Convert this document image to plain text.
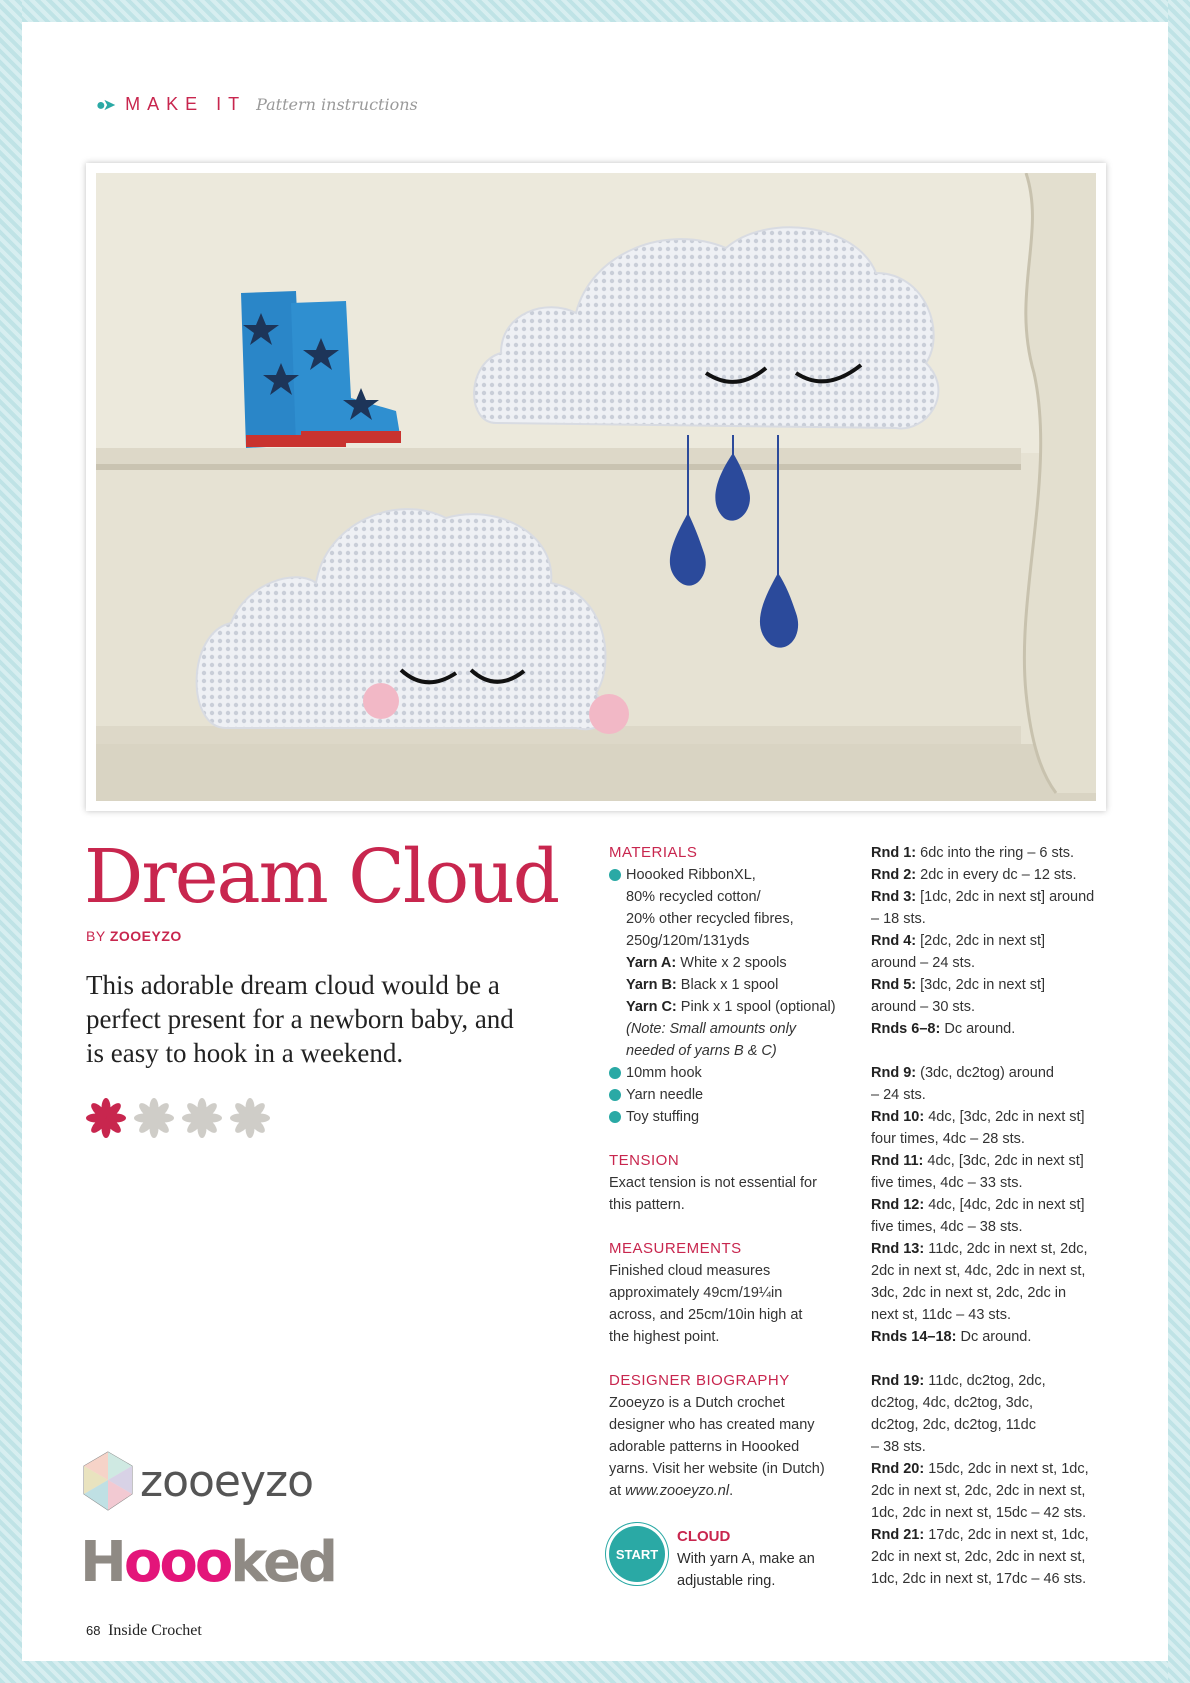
●➤ MAKE IT Pattern instructions
Dream Cloud
BY ZOOEYZO
This adorable dream cloud would be a perfect present for a newborn baby, and is easy to hook in a weekend.
MATERIALS
Hoooked RibbonXL,
80% recycled cotton/
20% other recycled fibres,
250g/120m/131yds
Yarn A: White x 2 spools
Yarn B: Black x 1 spool
Yarn C: Pink x 1 spool (optional)
(Note: Small amounts only
needed of yarns B & C)
10mm hook
Yarn needle
Toy stuffing
TENSION
Exact tension is not essential for
this pattern.
MEASUREMENTS
Finished cloud measures
approximately 49cm/19¼in
across, and 25cm/10in high at
the highest point.
DESIGNER BIOGRAPHY
Zooeyzo is a Dutch crochet
designer who has created many
adorable patterns in Hoooked
yarns. Visit her website (in Dutch)
at www.zooeyzo.nl.
START
CLOUD
With yarn A, make an
adjustable ring.
Rnd 1: 6dc into the ring – 6 sts.
Rnd 2: 2dc in every dc – 12 sts.
Rnd 3: [1dc, 2dc in next st] around
– 18 sts.
Rnd 4: [2dc, 2dc in next st]
around – 24 sts.
Rnd 5: [3dc, 2dc in next st]
around – 30 sts.
Rnds 6–8: Dc around.
Rnd 9: (3dc, dc2tog) around
– 24 sts.
Rnd 10: 4dc, [3dc, 2dc in next st]
four times, 4dc – 28 sts.
Rnd 11: 4dc, [3dc, 2dc in next st]
five times, 4dc – 33 sts.
Rnd 12: 4dc, [4dc, 2dc in next st]
five times, 4dc – 38 sts.
Rnd 13: 11dc, 2dc in next st, 2dc,
2dc in next st, 4dc, 2dc in next st,
3dc, 2dc in next st, 2dc, 2dc in
next st, 11dc – 43 sts.
Rnds 14–18: Dc around.
Rnd 19: 11dc, dc2tog, 2dc,
dc2tog, 4dc, dc2tog, 3dc,
dc2tog, 2dc, dc2tog, 11dc
– 38 sts.
Rnd 20: 15dc, 2dc in next st, 1dc,
2dc in next st, 2dc, 2dc in next st,
1dc, 2dc in next st, 15dc – 42 sts.
Rnd 21: 17dc, 2dc in next st, 1dc,
2dc in next st, 2dc, 2dc in next st,
1dc, 2dc in next st, 17dc – 46 sts.
zooeyzo
Hoooked
68 Inside Crochet
